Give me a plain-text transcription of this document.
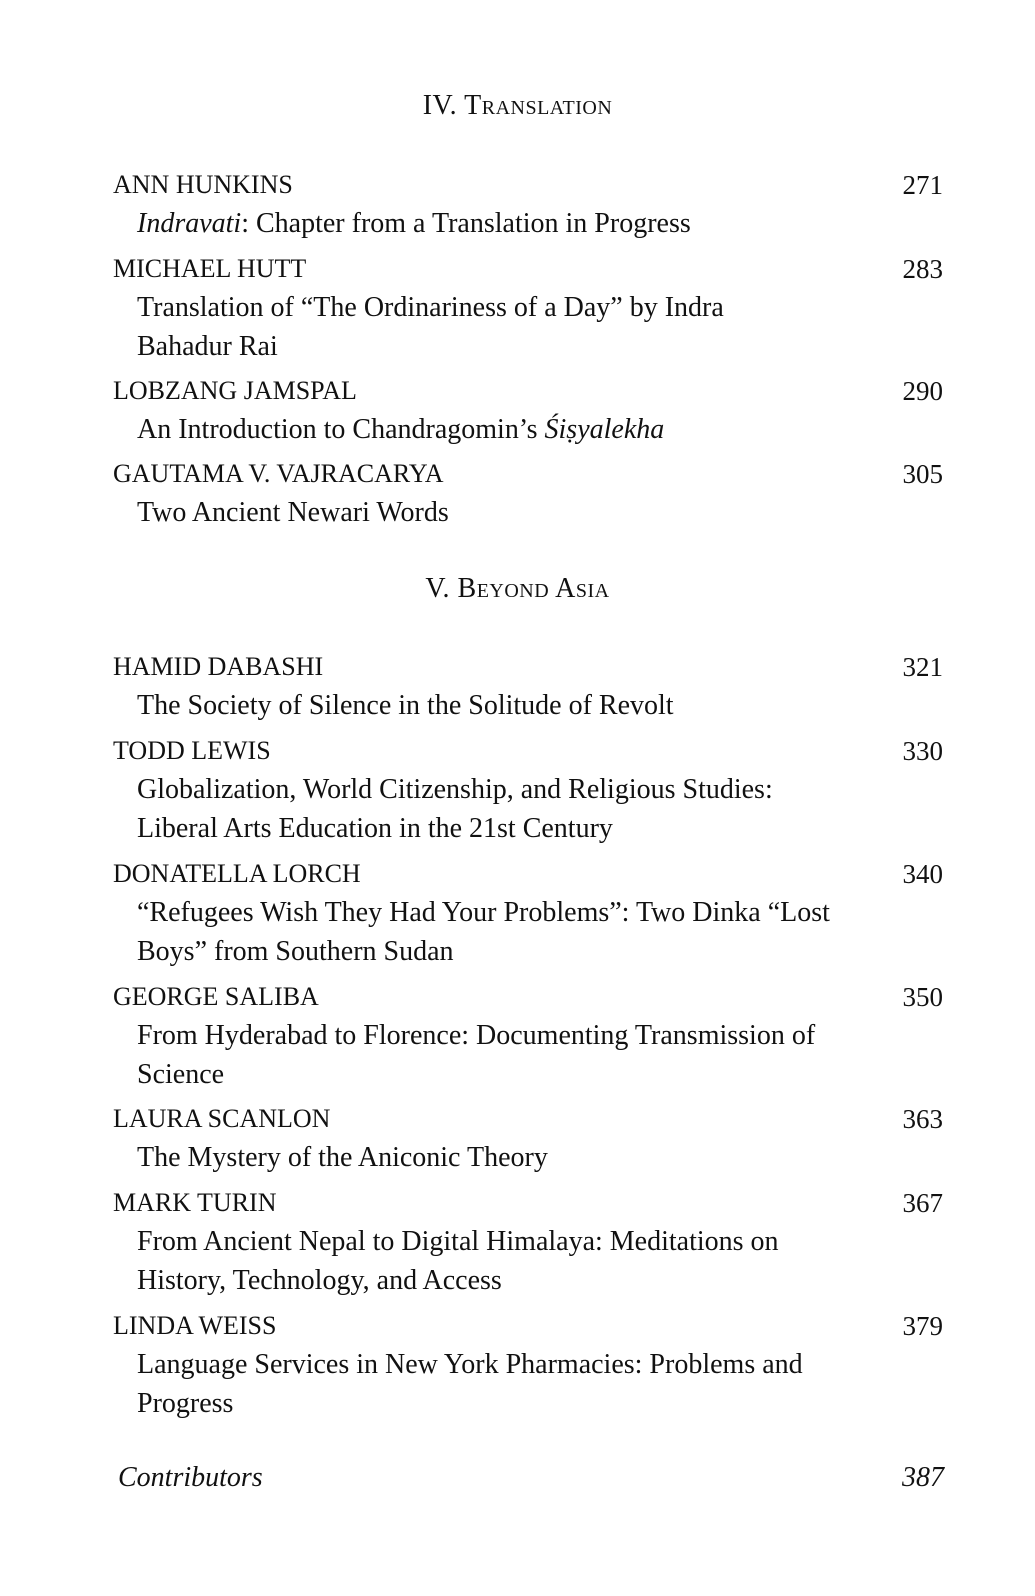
IV. Translation
ANN HUNKINS	271
Indravati: Chapter from a Translation in Progress
MICHAEL HUTT	283
Translation of “The Ordinariness of a Day” by Indra Bahadur Rai
LOBZANG JAMSPAL	290
An Introduction to Chandragomin’s Śiṣyalekha
GAUTAMA V. VAJRACARYA	305
Two Ancient Newari Words
V. Beyond Asia
HAMID DABASHI	321
The Society of Silence in the Solitude of Revolt
TODD LEWIS	330
Globalization, World Citizenship, and Religious Studies: Liberal Arts Education in the 21st Century
DONATELLA LORCH	340
“Refugees Wish They Had Your Problems”: Two Dinka “Lost Boys” from Southern Sudan
GEORGE SALIBA	350
From Hyderabad to Florence: Documenting Transmission of Science
LAURA SCANLON	363
The Mystery of the Aniconic Theory
MARK TURIN	367
From Ancient Nepal to Digital Himalaya: Meditations on History, Technology, and Access
LINDA WEISS	379
Language Services in New York Pharmacies: Problems and Progress
Contributors	387
